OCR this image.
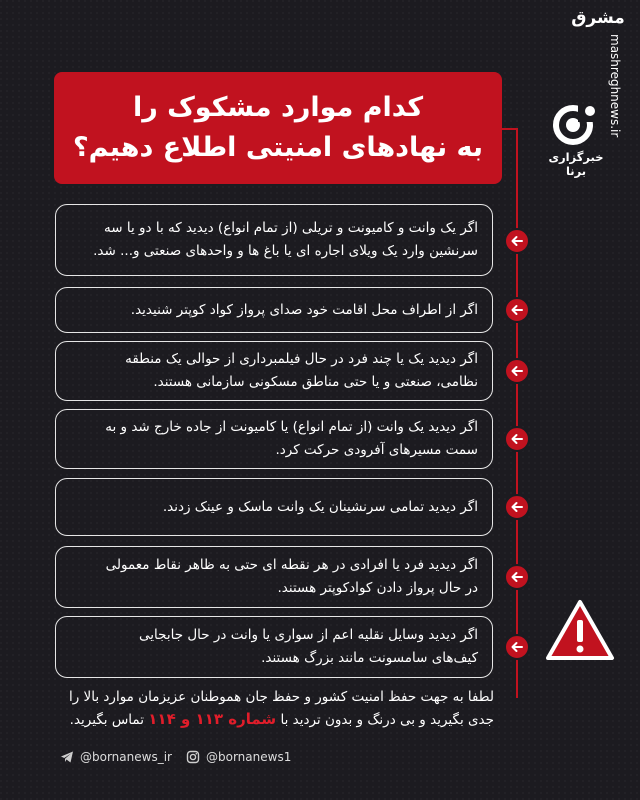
کدام موارد مشکوک را
به نهادهای امنیتی اطلاع دهیم؟
مشرق
mashreghnews.ir
خبرگزاری برنا
اگر یک وانت و کامیونت و تریلی (از تمام انواع) دیدید که با دو یا سه
سرنشین وارد یک ویلای اجاره ای یا باغ ها و واحدهای صنعتی و... شد.
اگر از اطراف محل اقامت خود صدای پرواز کواد کوپتر شنیدید.
اگر دیدید یک یا چند فرد در حال فیلمبرداری از حوالی یک منطقه
نظامی، صنعتی و یا حتی مناطق مسکونی سازمانی هستند.
اگر دیدید یک وانت (از تمام انواع) یا کامیونت از جاده خارج شد و به
سمت مسیرهای آفرودی حرکت کرد.
اگر دیدید تمامی سرنشینان یک وانت ماسک و عینک زدند.
اگر دیدید فرد یا افرادی در هر نقطه ای حتی به ظاهر نقاط معمولی
در حال پرواز دادن کوادکوپتر هستند.
اگر دیدید وسایل نقلیه اعم از سواری یا وانت در حال جابجایی
کیف‌های سامسونت مانند بزرگ هستند.
لطفا به جهت حفظ امنیت کشور و حفظ جان هموطنان عزیزمان موارد بالا را
جدی بگیرید و بی درنگ و بدون تردید با شماره ۱۱۳ و ۱۱۴ تماس بگیرید.
@bornanews_ir	@bornanews1
